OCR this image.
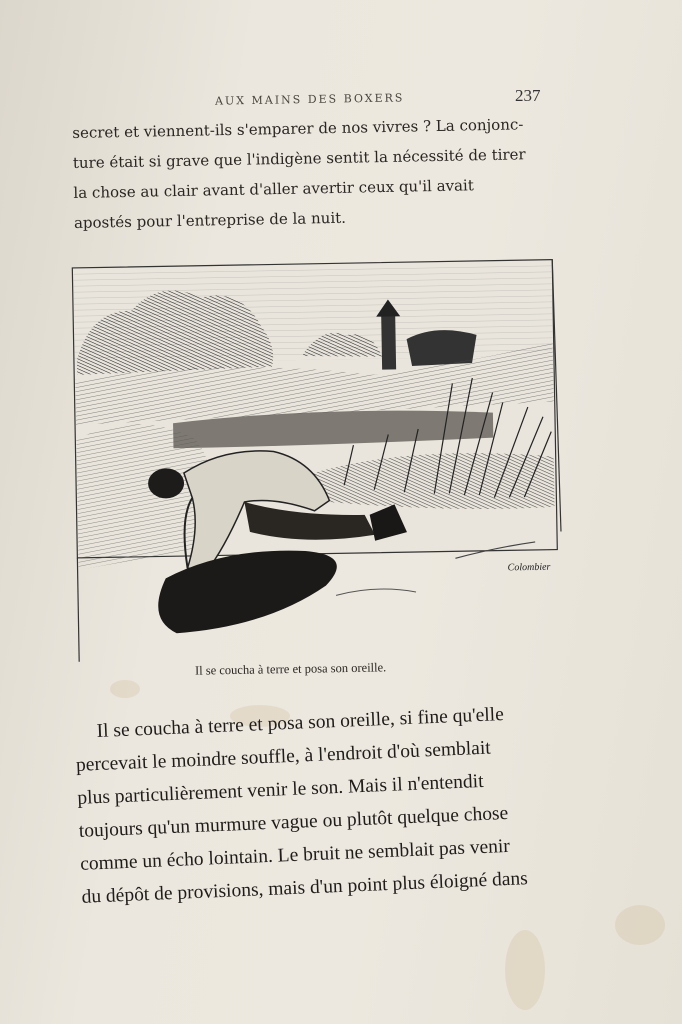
AUX MAINS DES BOXERS	237
secret et viennent-ils s'emparer de nos vivres ? La conjonc-
ture était si grave que l'indigène sentit la nécessité de tirer
la chose au clair avant d'aller avertir ceux qu'il avait
apostés pour l'entreprise de la nuit.
Colombier
Il se coucha à terre et posa son oreille.
Il se coucha à terre et posa son oreille, si fine qu'elle
percevait le moindre souffle, à l'endroit d'où semblait
plus particulièrement venir le son. Mais il n'entendit
toujours qu'un murmure vague ou plutôt quelque chose
comme un écho lointain. Le bruit ne semblait pas venir
du dépôt de provisions, mais d'un point plus éloigné dans
